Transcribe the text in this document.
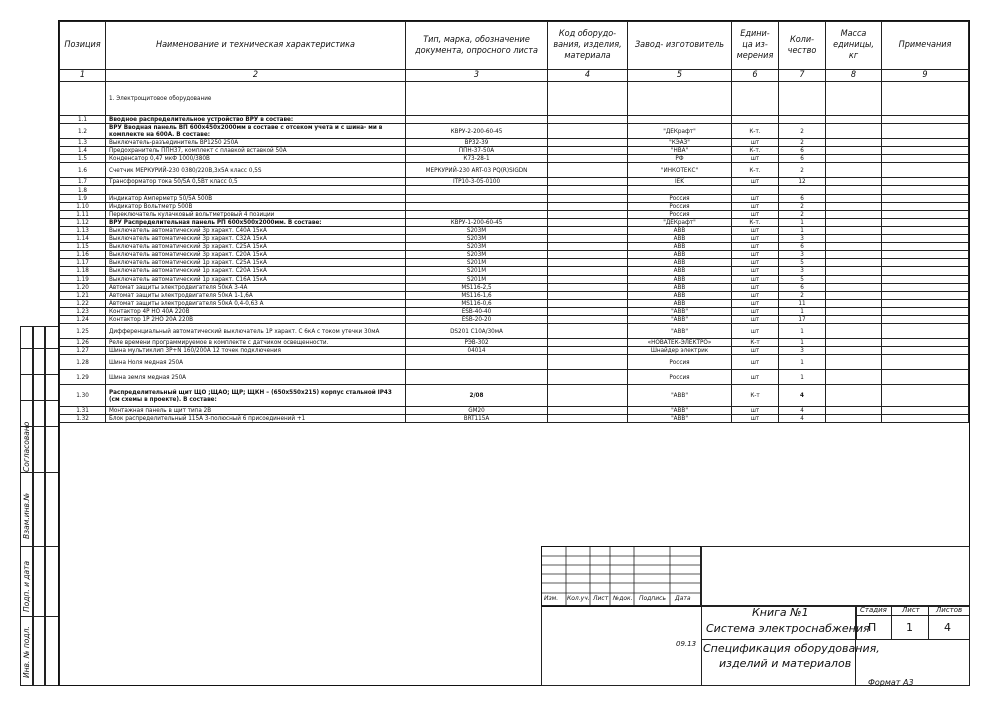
Согласовано
Взам.инв.№
Подп. и дата
Инв. № подл.
Позиция	Наименование и техническая характеристика	Тип, марка, обозначение документа, опросного листа	Код оборудо- вания, изделия, материала	Завод- изготовитель	Едини- ца из- мерения	Коли- чество	Масса единицы, кг	Примечания
1	2	3	4	5	6	7	8	9
	1. Электрощитовое оборудование							
1.1	Вводное распределительное устройство ВРУ в составе:							
1.2	ВРУ Вводная панель ВП 600x450x2000мм в составе с отсеком учета и с шина- ми в комплекте на 600А. В составе:	КВРУ-2-200-60-45		"ДЕКрафт"	К-т.	2		
1.3	Выключатель-разъединитель ВР1250 250А	ВР32-39		"КЭАЗ"	шт	2		
1.4	Предохранитель ППН37, комплект с плавкой вставкой 50А	ППН-37-50А		"НВА"	К-т.	6		
1.5	Конденсатор 0,47 мкФ 1000/380В	К73-28-1		РФ	шт	6		
1.6	Счетчик МЕРКУРИЙ-230 0380/220В,3x5А класс 0,5S	МЕРКУРИЙ-230 ART-03 PQ(R)SIGDN		"ИНКОТЕКС"	К-т.	2		
1.7	Трансформатор тока 50/5А 0,5Вт класс 0,5	ITP10-3-05-0100		IEK	шт	12		
1.8								
1.9	Индикатор Амперметр 50/5А 500В			Россия	шт	6		
1.10	Индикатор Вольтметр 500В			Россия	шт	2		
1.11	Переключатель кулачковый вольтметровый 4 позиции			Россия	шт	2		
1.12	ВРУ Распределительная панель РП 600x500x2000мм. В составе:	КВРУ-1-200-60-45		"ДЕКрафт"	К-т.	1		
1.13	Выключатель автоматический 3р характ. С40А 15кА	S203M		АВВ	шт	1		
1.14	Выключатель автоматический 3р характ. С32А 15кА	S203M		АВВ	шт	3		
1.15	Выключатель автоматический 3р характ. С25А 15кА	S203M		АВВ	шт	6		
1.16	Выключатель автоматический 3р характ. С20А 15кА	S203M		АВВ	шт	3		
1.17	Выключатель автоматический 1р характ. С25А 15кА	S201M		АВВ	шт	5		
1.18	Выключатель автоматический 1р характ. С20А 15кА	S201M		АВВ	шт	3		
1.19	Выключатель автоматический 1р характ. С16А 15кА	S201M		АВВ	шт	5		
1.20	Автомат защиты электродвигателя 50кА 3-4А	MS116-2,5		АВВ	шт	6		
1.21	Автомат защиты электродвигателя 50кА 1-1,6А	MS116-1,6		АВВ	шт	2		
1.22	Автомат защиты электродвигателя 50кА 0,4-0,63 А	MS116-0,6		АВВ	шт	11		
1.23	Контактор 4Р НО 40А 220В	ESB-40-40		"АВВ"	шт	1		
1.24	Контактор 1Р 2НО 20А 220В	ESB-20-20		"АВВ"	шт	17		
1.25	Дифференциальный автоматический выключатель 1Р характ. С 6кА с током утечки 30мА	DS201 C10A/30мА		"АВВ"	шт	1		
1.26	Реле времени программируемое в комплекте с датчиком освещенности.	РЭВ-302		«НОВАТЕК-ЭЛЕКТРО»	К-т	1		
1.27	Шина мультиклип 3Р+N 160/200А 12 точек подключения	04014		Шнайдер электрик	шт	3		
1.28	Шина Ноля медная 250А			Россия	шт	1		
1.29	Шина земля медная 250А			Россия	шт	1		
1.30	Распределительный щит ЩО ;ЩАО; ЩР; ЩКН – (650x550x215) корпус стальной IP43 (см схемы в проекте). В составе:	2/08		"АВВ"	К-т	4		
1.31	Монтажная панель в щит типа 2В	GM20		"АВВ"	шт	4		
1.32	Блок распределительный 115А 3-полюсный 6 присоединений +1	BRT115А		"АВВ"	шт	4		
Изм. Кол.уч. Лист №док. Подпись Дата
Книга №1
Система электроснабжения
09.13 Спецификация оборудования,
изделий и материалов
Стадия Лист Листов
П	1	4
Формат А3
